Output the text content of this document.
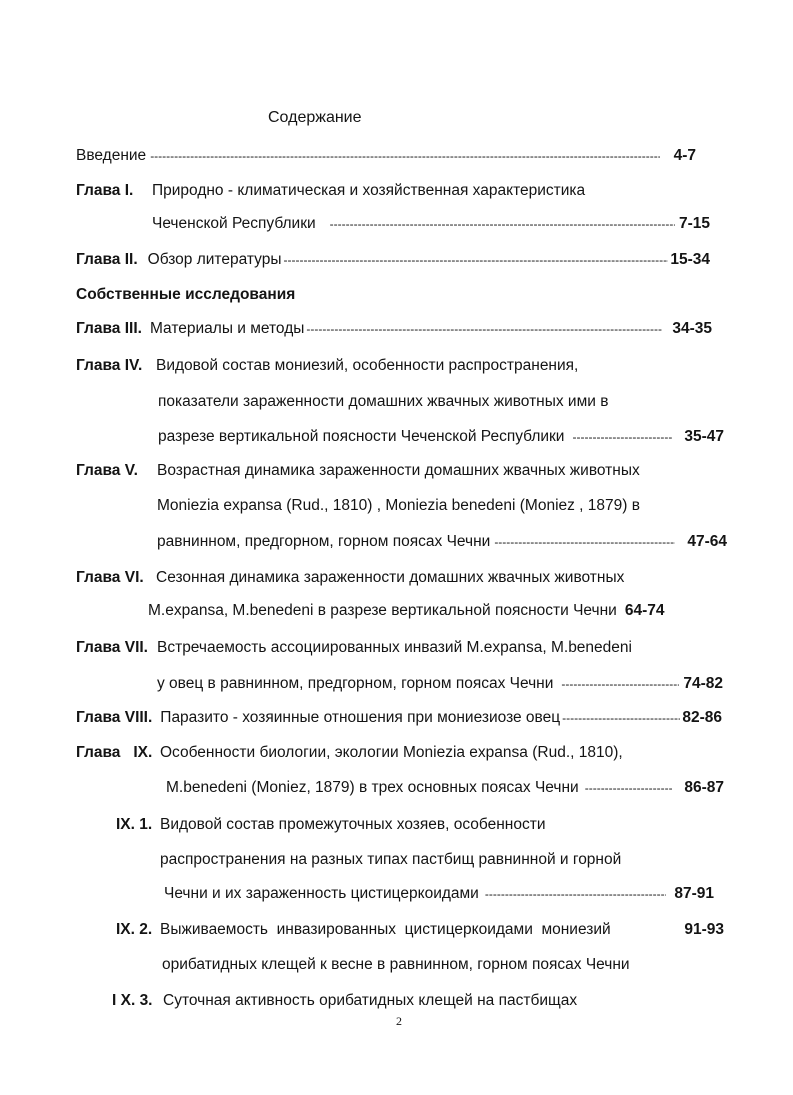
Содержание
Введение -----	4-7
Глава I. Природно - климатическая и хозяйственная характеристика
Чеченской Республики -----	7-15
Глава II. Обзор литературы -----	15-34
Собственные исследования
Глава III. Материалы и методы -----	34-35
Глава IV. Видовой состав мониезий, особенности распространения,
показатели зараженности домашних жвачных животных ими в
разрезе вертикальной поясности Чеченской Республики -----	35-47
Глава V. Возрастная динамика зараженности домашних жвачных животных
Moniezia expansa (Rud., 1810) , Moniezia benedeni (Moniez , 1879) в
равнинном, предгорном, горном поясах Чечни -----	47-64
Глава VI. Сезонная динамика зараженности домашних жвачных животных
M.expansa, M.benedeni в разрезе вертикальной поясности Чечни 64-74
Глава VII. Встречаемость ассоциированных инвазий M.expansa, M.benedeni
у овец в равнинном, предгорном, горном поясах Чечни -----	74-82
Глава VIII. Паразито - хозяинные отношения при мониезиозе овец -----	82-86
Глава   IX. Особенности биологии, экологии Moniezia expansa (Rud., 1810),
M.benedeni (Moniez, 1879) в трех основных поясах Чечни -----	86-87
IX. 1. Видовой состав промежуточных хозяев, особенности
распространения на разных типах пастбищ равнинной и горной
Чечни и их зараженность цистицеркоидами -----	87-91
IX. 2. Выживаемость  инвазированных  цистицеркоидами  мониезий	91-93
орибатидных клещей к весне в равнинном, горном поясах Чечни
I X. 3. Суточная активность орибатидных клещей на пастбищах
2
